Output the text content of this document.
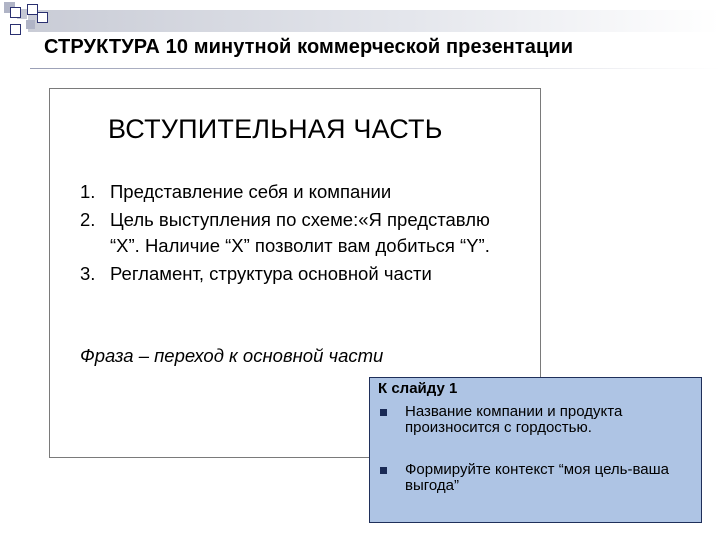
СТРУКТУРА 10 минутной коммерческой презентации
ВСТУПИТЕЛЬНАЯ ЧАСТЬ
1. Представление себя и компании
2. Цель выступления по схеме:«Я представлю “Х”. Наличие “Х” позволит вам добиться “Y”.
3. Регламент, структура основной части
Фраза – переход к основной части
К слайду 1
Название компании и продукта произносится с гордостью.
Формируйте контекст “моя цель-ваша выгода”
